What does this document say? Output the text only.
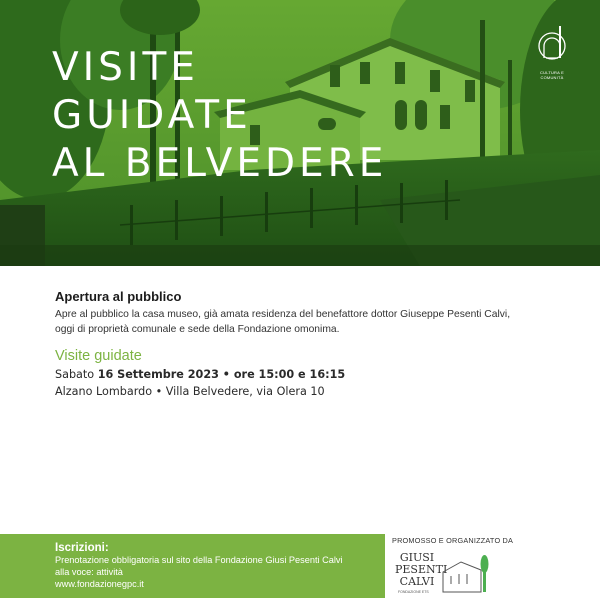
VISITE
GUIDATE
AL BELVEDERE
CULTURA E COMUNITÀ
Apertura al pubblico
Apre al pubblico la casa museo, già amata residenza del benefattore dottor Giuseppe Pesenti Calvi,
oggi di proprietà comunale e sede della Fondazione omonima.
Visite guidate
Sabato 16 Settembre 2023 • ore 15:00 e 16:15
Alzano Lombardo • Villa Belvedere, via Olera 10
Iscrizioni:
Prenotazione obbligatoria sul sito della Fondazione Giusi Pesenti Calvi
alla voce: attività
www.fondazionegpc.it
PROMOSSO E ORGANIZZATO DA
GIUSI
PESENTI
CALVI
FONDAZIONE ETS
